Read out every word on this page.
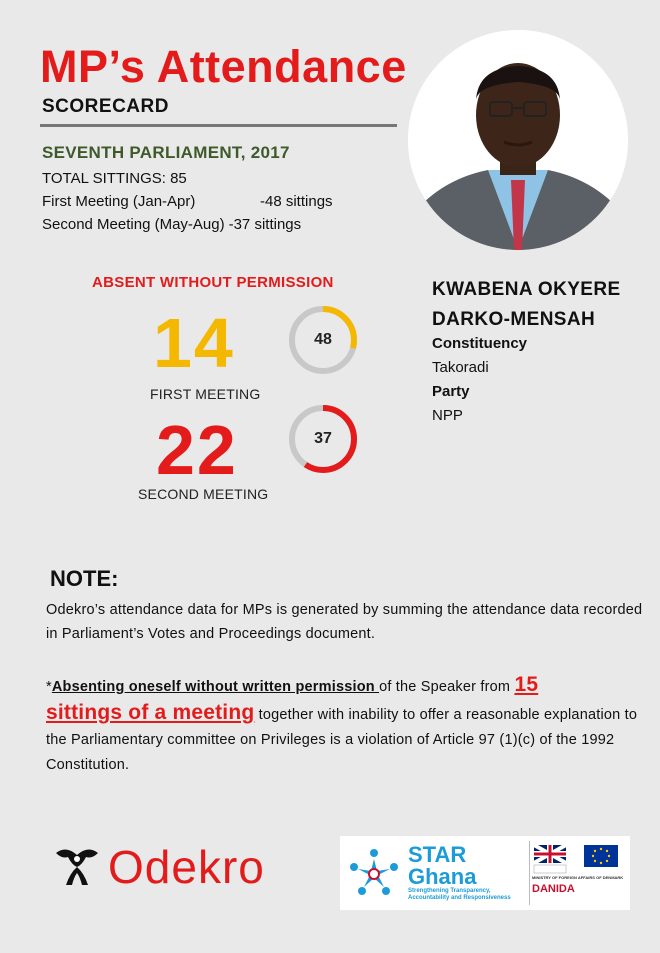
MP’s Attendance
SCORECARD
SEVENTH PARLIAMENT, 2017
TOTAL SITTINGS: 85
First Meeting (Jan-Apr)	-48 sittings
Second Meeting (May-Aug) -37 sittings
ABSENT WITHOUT PERMISSION
14
FIRST MEETING
22
SECOND MEETING
48
37
KWABENA OKYERE
DARKO-MENSAH
Constituency
Takoradi
Party
NPP
NOTE:
Odekro’s attendance data for MPs is generated by summing the attendance data recorded in Parliament’s Votes and Proceedings document.
*Absenting oneself without written permission of the Speaker from 15
sittings of a meeting together with inability to offer a reasonable explanation to the Parliamentary committee on Privileges is a violation of Article 97 (1)(c) of the 1992 Constitution.
Odekro	STAR
Ghana
Strengthening Transparency,
Accountability and Responsiveness
MINISTRY OF FOREIGN AFFAIRS OF DENMARK
DANIDA
